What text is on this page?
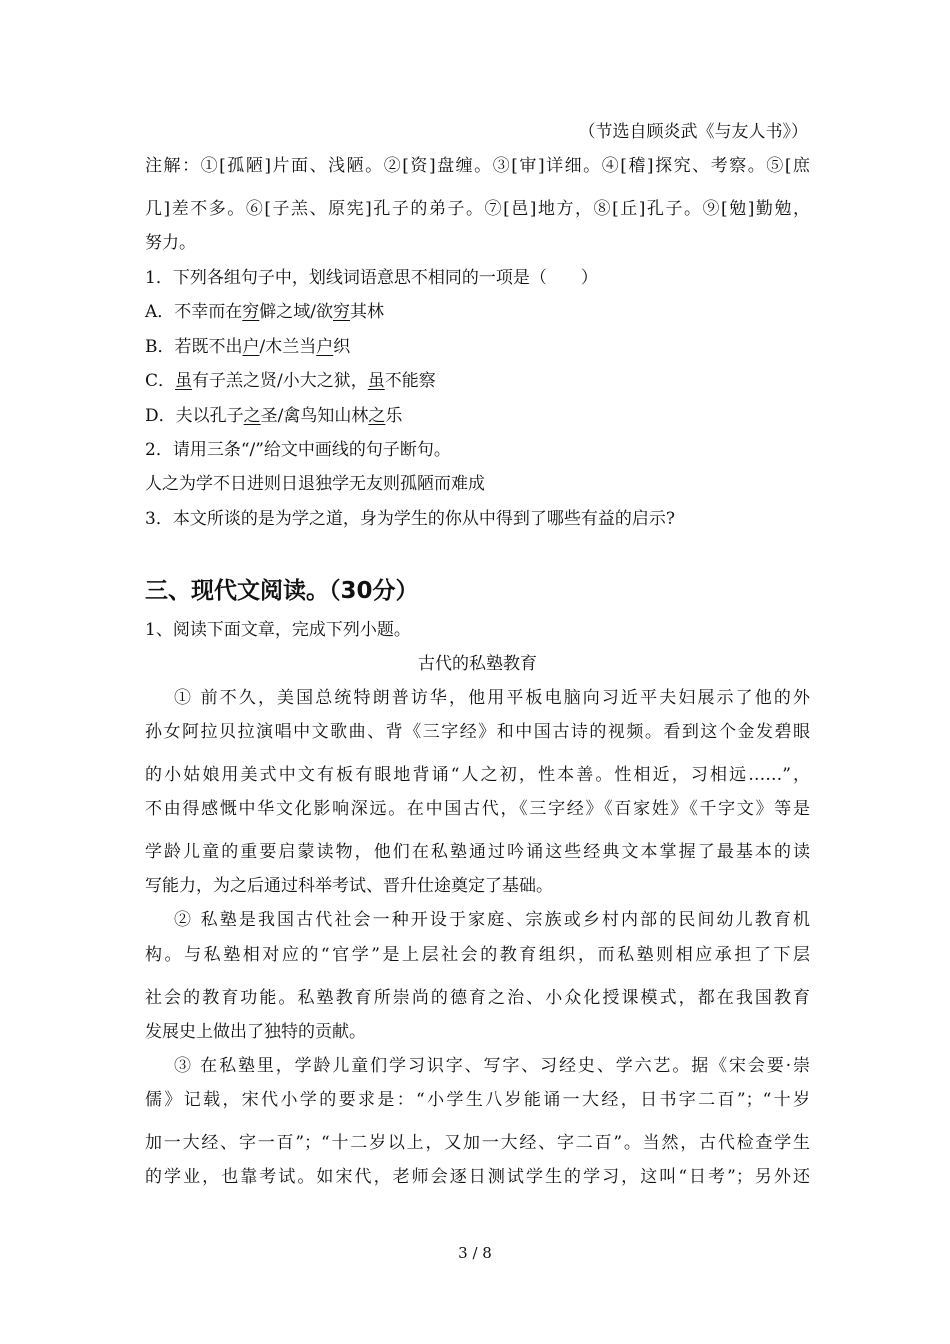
（节选自顾炎武《与友人书》）
注解：①[孤陋]片面、浅陋。②[资]盘缠。③[审]详细。④[稽]探究、考察。⑤[庶
几]差不多。⑥[子羔、原宪]孔子的弟子。⑦[邑]地方，⑧[丘]孔子。⑨[勉]勤勉，
努力。
1．下列各组句子中，划线词语意思不相同的一项是（　　）
A．不幸而在穷僻之域/欲穷其林
B．若既不出户/木兰当户织
C．虽有子羔之贤/小大之狱，虽不能察
D．夫以孔子之圣/禽鸟知山林之乐
2．请用三条“/”给文中画线的句子断句。
人之为学不日进则日退独学无友则孤陋而难成
3．本文所谈的是为学之道，身为学生的你从中得到了哪些有益的启示?
三、现代文阅读。（30分）
1、阅读下面文章，完成下列小题。
古代的私塾教育
① 前不久，美国总统特朗普访华，他用平板电脑向习近平夫妇展示了他的外
孙女阿拉贝拉演唱中文歌曲、背《三字经》和中国古诗的视频。看到这个金发碧眼
的小姑娘用美式中文有板有眼地背诵“人之初，性本善。性相近，习相远……”，
不由得感慨中华文化影响深远。在中国古代，《三字经》《百家姓》《千字文》等是
学龄儿童的重要启蒙读物，他们在私塾通过吟诵这些经典文本掌握了最基本的读
写能力，为之后通过科举考试、晋升仕途奠定了基础。
② 私塾是我国古代社会一种开设于家庭、宗族或乡村内部的民间幼儿教育机
构。与私塾相对应的“官学”是上层社会的教育组织，而私塾则相应承担了下层
社会的教育功能。私塾教育所崇尚的德育之治、小众化授课模式，都在我国教育
发展史上做出了独特的贡献。
③ 在私塾里，学龄儿童们学习识字、写字、习经史、学六艺。据《宋会要·崇
儒》记载，宋代小学的要求是：“小学生八岁能诵一大经，日书字二百”；“十岁
加一大经、字一百”；“十二岁以上，又加一大经、字二百”。当然，古代检查学生
的学业，也靠考试。如宋代，老师会逐日测试学生的学习，这叫“日考”；另外还
3 / 8
